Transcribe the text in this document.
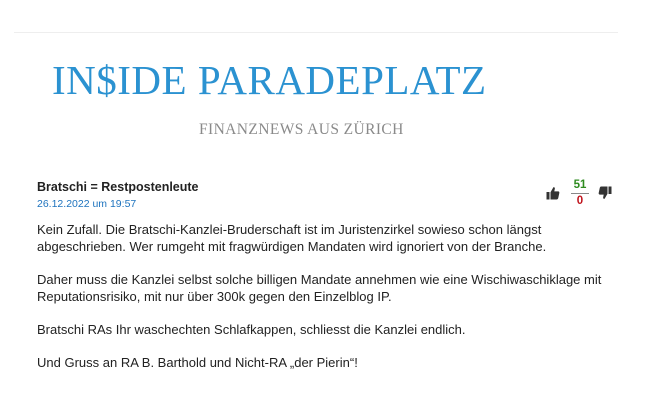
IN$IDE PARADEPLATZ

FINANZNEWS AUS ZÜRICH

Bratschi = Restpostenleute
26.12.2022 um 19:57
51
0

Kein Zufall. Die Bratschi-Kanzlei-Bruderschaft ist im Juristenzirkel sowieso schon längst abgeschrieben. Wer rumgeht mit fragwürdigen Mandaten wird ignoriert von der Branche.

Daher muss die Kanzlei selbst solche billigen Mandate annehmen wie eine Wischiwaschiklage mit Reputationsrisiko, mit nur über 300k gegen den Einzelblog IP.

Bratschi RAs Ihr waschechten Schlafkappen, schliesst die Kanzlei endlich.

Und Gruss an RA B. Barthold und Nicht-RA „der Pierin“!
